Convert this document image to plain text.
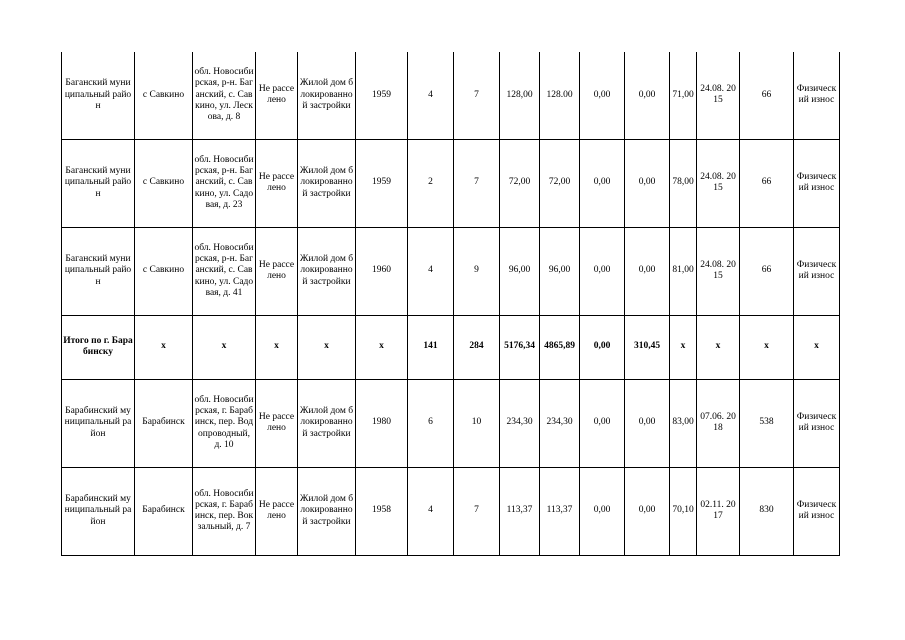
Баганский муниципальный район	с Савкино	обл. Новосибирская, р-н. Баганский, с. Савкино, ул. Лескова, д. 8	Не расселено	Жилой дом блокированной застройки	1959	4	7	128,00	128.00	0,00	0,00	71,00	24.08. 2015	66	Физический износ
Баганский муниципальный район	с Савкино	обл. Новосибирская, р-н. Баганский, с. Савкино, ул. Садовая, д. 23	Не расселено	Жилой дом блокированной застройки	1959	2	7	72,00	72,00	0,00	0,00	78,00	24.08. 2015	66	Физический износ
Баганский муниципальный район	с Савкино	обл. Новосибирская, р-н. Баганский, с. Савкино, ул. Садовая, д. 41	Не расселено	Жилой дом блокированной застройки	1960	4	9	96,00	96,00	0,00	0,00	81,00	24.08. 2015	66	Физический износ
Итого по г. Барабинску	х	х	х	х	х	141	284	5176,34	4865,89	0,00	310,45	х	х	х	х
Барабинский муниципальный район	Барабинск	обл. Новосибирская, г. Барабинск, пер. Водопроводный, д. 10	Не расселено	Жилой дом блокированной застройки	1980	6	10	234,30	234,30	0,00	0,00	83,00	07.06. 2018	538	Физический износ
Барабинский муниципальный район	Барабинск	обл. Новосибирская, г. Барабинск, пер. Вокзальный, д. 7	Не расселено	Жилой дом блокированной застройки	1958	4	7	113,37	113,37	0,00	0,00	70,10	02.11. 2017	830	Физический износ
